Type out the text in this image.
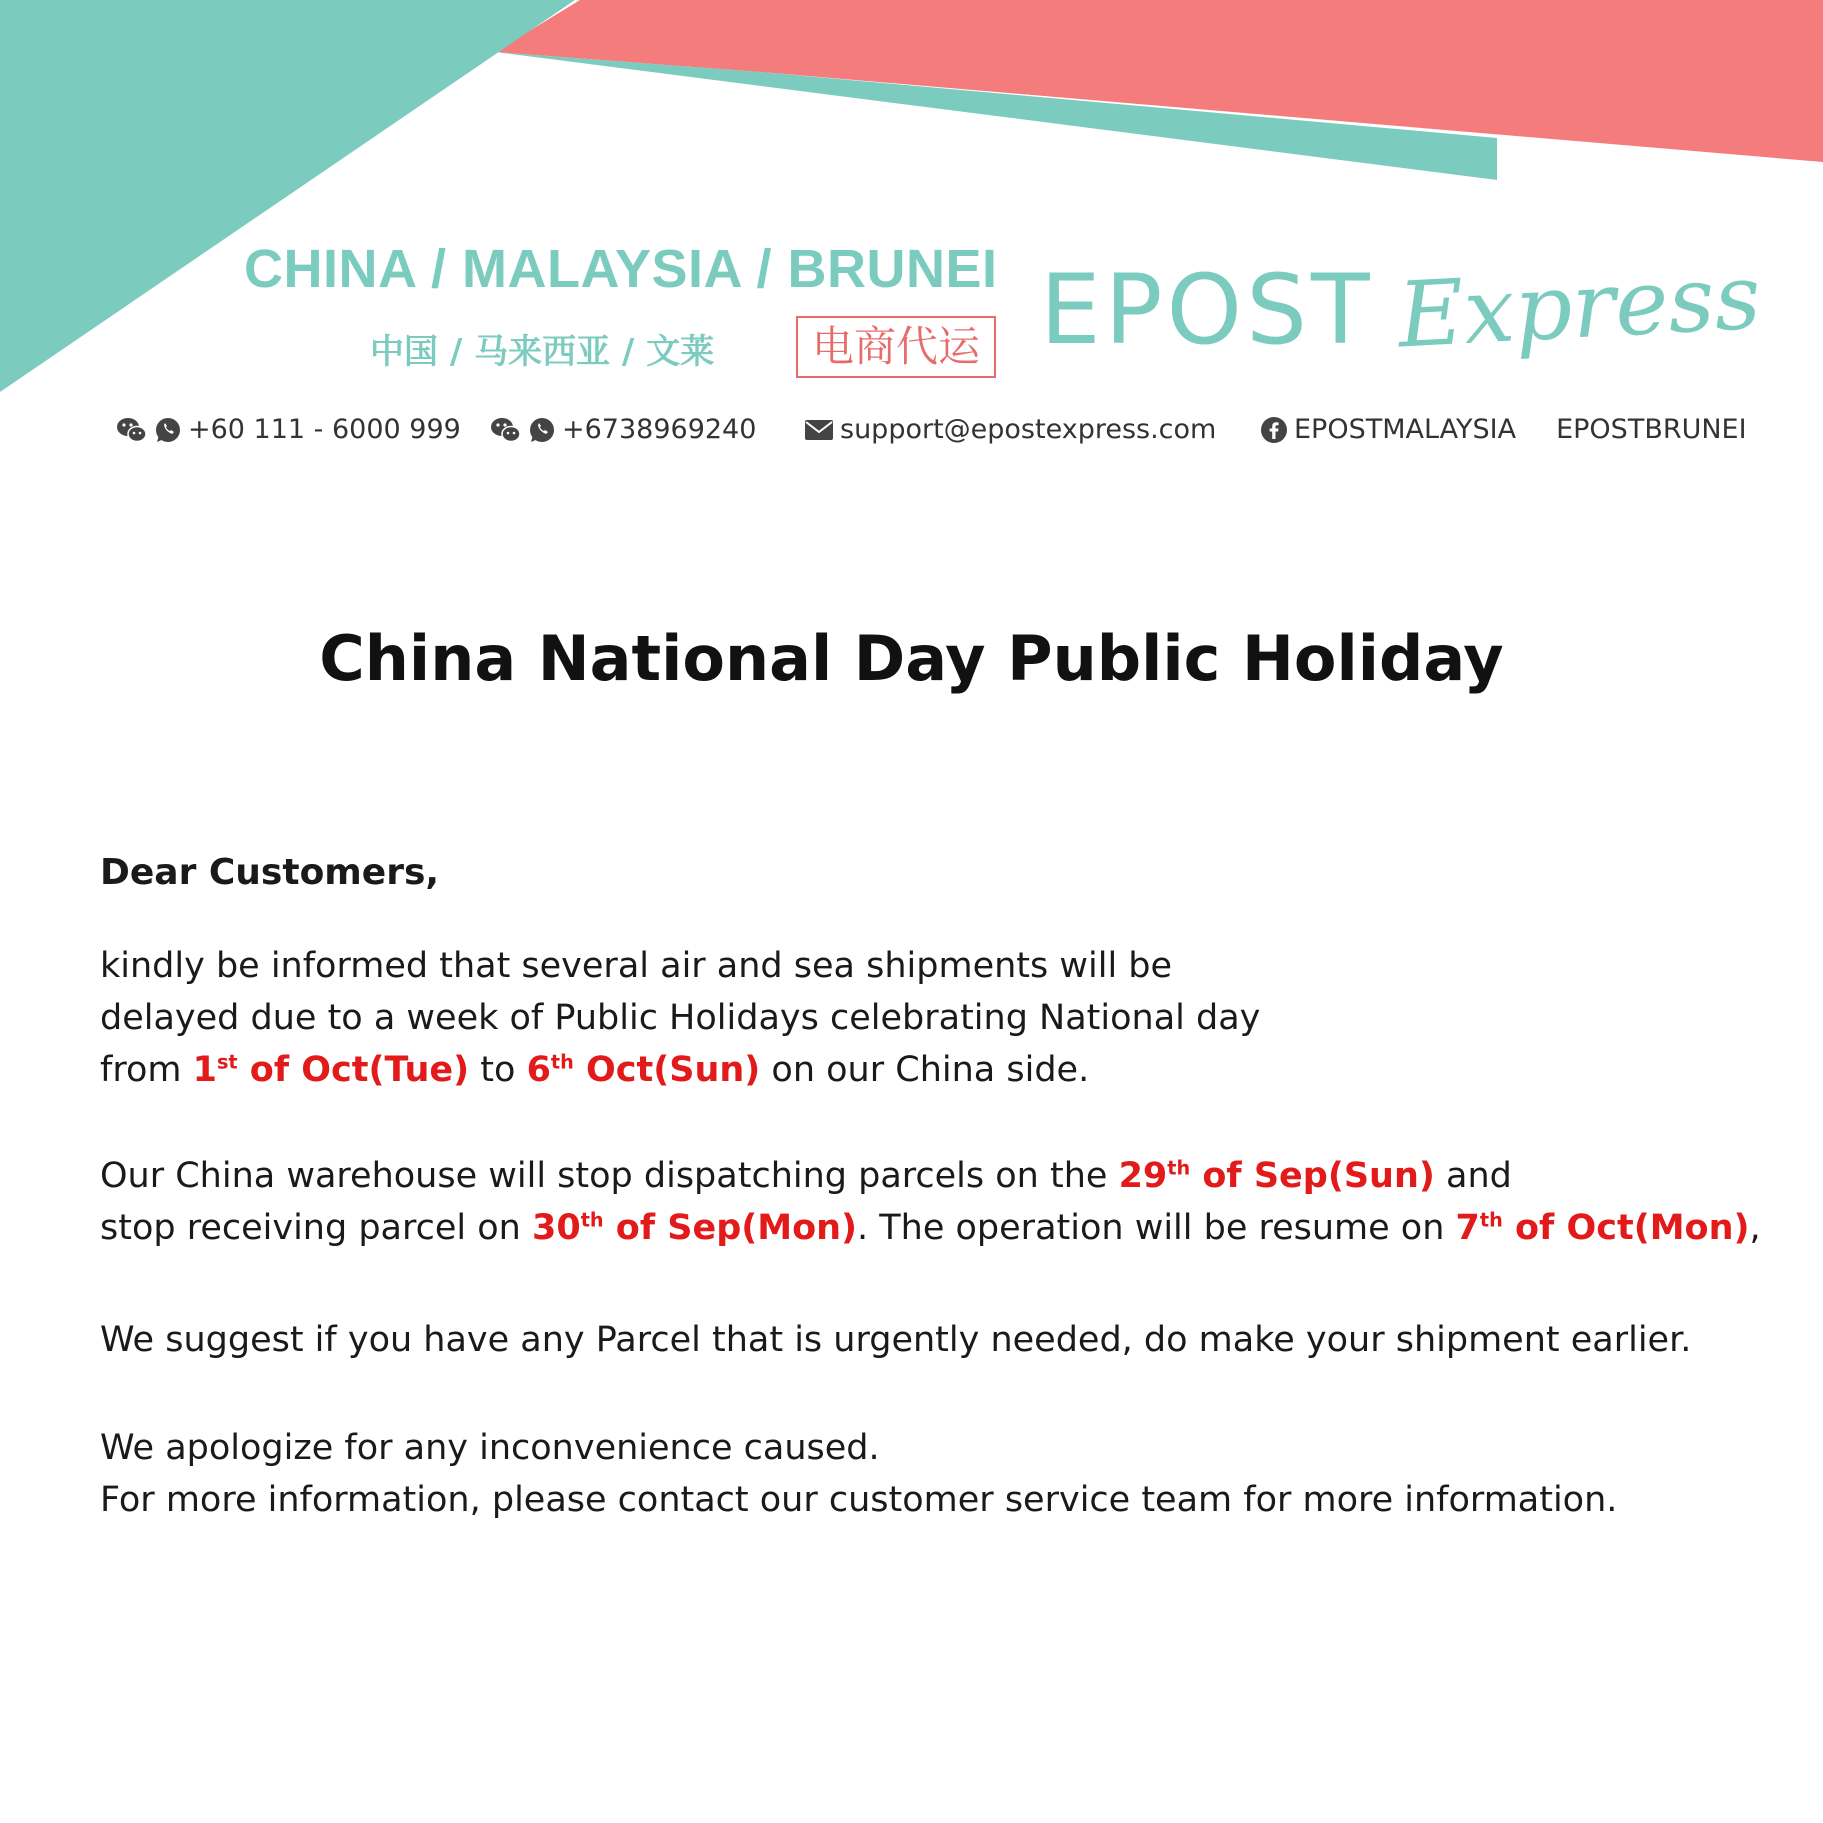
CHINA / MALAYSIA / BRUNEI
中国 / 马来西亚 / 文莱	电商代运 EPOST Express
+60 111 - 6000 999	+6738969240	support@epostexpress.com	EPOSTMALAYSIA EPOSTBRUNEI
China National Day Public Holiday
Dear Customers,
kindly be informed that several air and sea shipments will be
delayed due to a week of Public Holidays celebrating National day
from 1st of Oct(Tue) to 6th Oct(Sun) on our China side.
Our China warehouse will stop dispatching parcels on the 29th of Sep(Sun) and
stop receiving parcel on 30th of Sep(Mon). The operation will be resume on 7th of Oct(Mon),
We suggest if you have any Parcel that is urgently needed, do make your shipment earlier.
We apologize for any inconvenience caused.
For more information, please contact our customer service team for more information.
